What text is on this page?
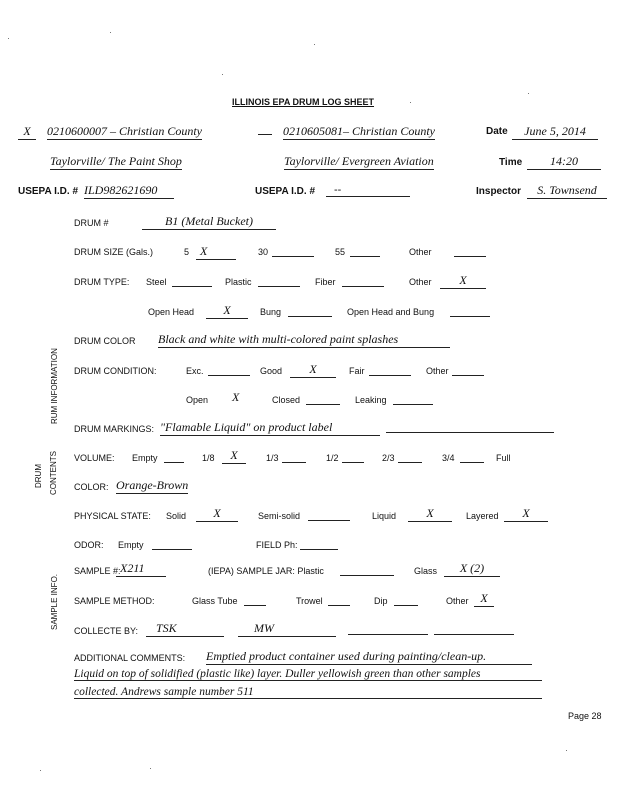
ILLINOIS EPA DRUM LOG SHEET
X	0210600007 – Christian County
Taylorville/ The Paint Shop
0210605081– Christian County
Taylorville/ Evergreen Aviation
Date	June 5, 2014
Time	14:20
USEPA I.D. # ILD982621690	USEPA I.D. #	--	Inspector	S. Townsend
DRUM #	B1 (Metal Bucket)
DRUM SIZE (Gals.)	5 X	30	55	Other
DRUM TYPE: Steel	Plastic	Fiber	Other	X
Open Head	X	Bung	Open Head and Bung
DRUM COLOR Black and white with multi-colored paint splashes
DRUM CONDITION:	Exc.	Good	X	Fair	Other
Open X	Closed	Leaking
DRUM MARKINGS: "Flamable Liquid" on product label
VOLUME: Empty	1/8	X	1/3	1/2	2/3	3/4	Full
COLOR: Orange-Brown
PHYSICAL STATE: Solid	X	Semi-solid	Liquid	X	Layered	X
ODOR: Empty	FIELD Ph:
SAMPLE #: X211	(IEPA) SAMPLE JAR: Plastic	Glass	X (2)
SAMPLE METHOD:	Glass Tube	Trowel	Dip	Other X
COLLECTE BY:	TSK	MW
ADDITIONAL COMMENTS: Emptied product container used during painting/clean-up.
Liquid on top of solidified (plastic like) layer. Duller yellowish green than other samples
collected. Andrews sample number 511
RUM INFORMATION
DRUM CONTENTS
SAMPLE INFO.
Page 28
